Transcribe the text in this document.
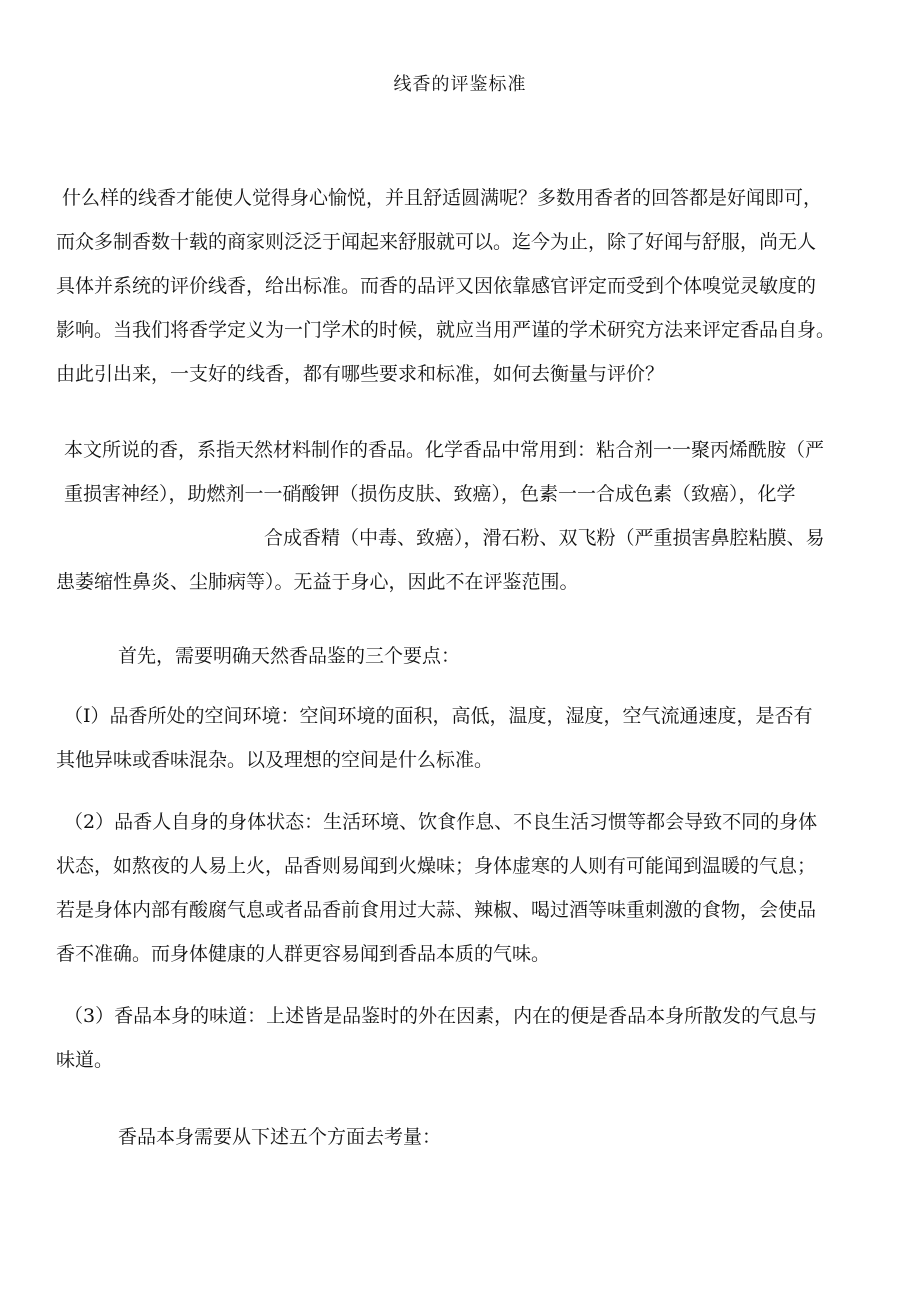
线香的评鉴标准
什么样的线香才能使人觉得身心愉悦，并且舒适圆满呢？多数用香者的回答都是好闻即可，
而众多制香数十载的商家则泛泛于闻起来舒服就可以。迄今为止，除了好闻与舒服，尚无人
具体并系统的评价线香，给出标准。而香的品评又因依靠感官评定而受到个体嗅觉灵敏度的
影响。当我们将香学定义为一门学术的时候，就应当用严谨的学术研究方法来评定香品自身。
由此引出来，一支好的线香，都有哪些要求和标准，如何去衡量与评价？
本文所说的香，系指天然材料制作的香品。化学香品中常用到：粘合剂一一聚丙烯酰胺（严
重损害神经），助燃剂一一硝酸钾（损伤皮肤、致癌），色素一一合成色素（致癌），化学
合成香精（中毒、致癌），滑石粉、双飞粉（严重损害鼻腔粘膜、易
患萎缩性鼻炎、尘肺病等）。无益于身心，因此不在评鉴范围。
首先，需要明确天然香品鉴的三个要点：
（I）品香所处的空间环境：空间环境的面积，高低，温度，湿度，空气流通速度，是否有
其他异味或香味混杂。以及理想的空间是什么标准。
（2）品香人自身的身体状态：生活环境、饮食作息、不良生活习惯等都会导致不同的身体
状态，如熬夜的人易上火，品香则易闻到火燥味；身体虚寒的人则有可能闻到温暖的气息；
若是身体内部有酸腐气息或者品香前食用过大蒜、辣椒、喝过酒等味重刺激的食物，会使品
香不准确。而身体健康的人群更容易闻到香品本质的气味。
（3）香品本身的味道：上述皆是品鉴时的外在因素，内在的便是香品本身所散发的气息与
味道。
香品本身需要从下述五个方面去考量：
